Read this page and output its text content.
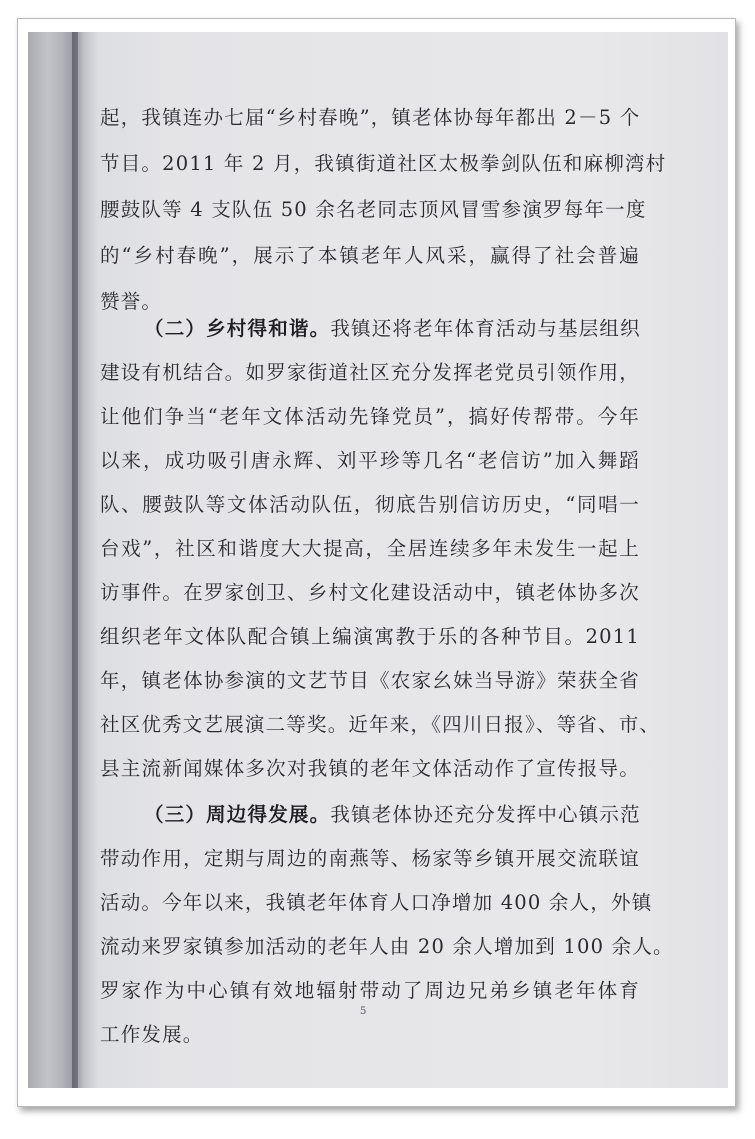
起，我镇连办七届“乡村春晚”，镇老体协每年都出 2－5 个
节目。2011 年 2 月，我镇街道社区太极拳剑队伍和麻柳湾村
腰鼓队等 4 支队伍 50 余名老同志顶风冒雪参演罗每年一度
的“乡村春晚”，展示了本镇老年人风采，赢得了社会普遍
赞誉。
（二）乡村得和谐。我镇还将老年体育活动与基层组织
建设有机结合。如罗家街道社区充分发挥老党员引领作用，
让他们争当“老年文体活动先锋党员”，搞好传帮带。今年
以来，成功吸引唐永辉、刘平珍等几名“老信访”加入舞蹈
队、腰鼓队等文体活动队伍，彻底告别信访历史，“同唱一
台戏”，社区和谐度大大提高，全居连续多年未发生一起上
访事件。在罗家创卫、乡村文化建设活动中，镇老体协多次
组织老年文体队配合镇上编演寓教于乐的各种节目。2011
年，镇老体协参演的文艺节目《农家幺妹当导游》荣获全省
社区优秀文艺展演二等奖。近年来，《四川日报》、等省、市、
县主流新闻媒体多次对我镇的老年文体活动作了宣传报导。
（三）周边得发展。我镇老体协还充分发挥中心镇示范
带动作用，定期与周边的南燕等、杨家等乡镇开展交流联谊
活动。今年以来，我镇老年体育人口净增加 400 余人，外镇
流动来罗家镇参加活动的老年人由 20 余人增加到 100 余人。
罗家作为中心镇有效地辐射带动了周边兄弟乡镇老年体育
工作发展。
5
